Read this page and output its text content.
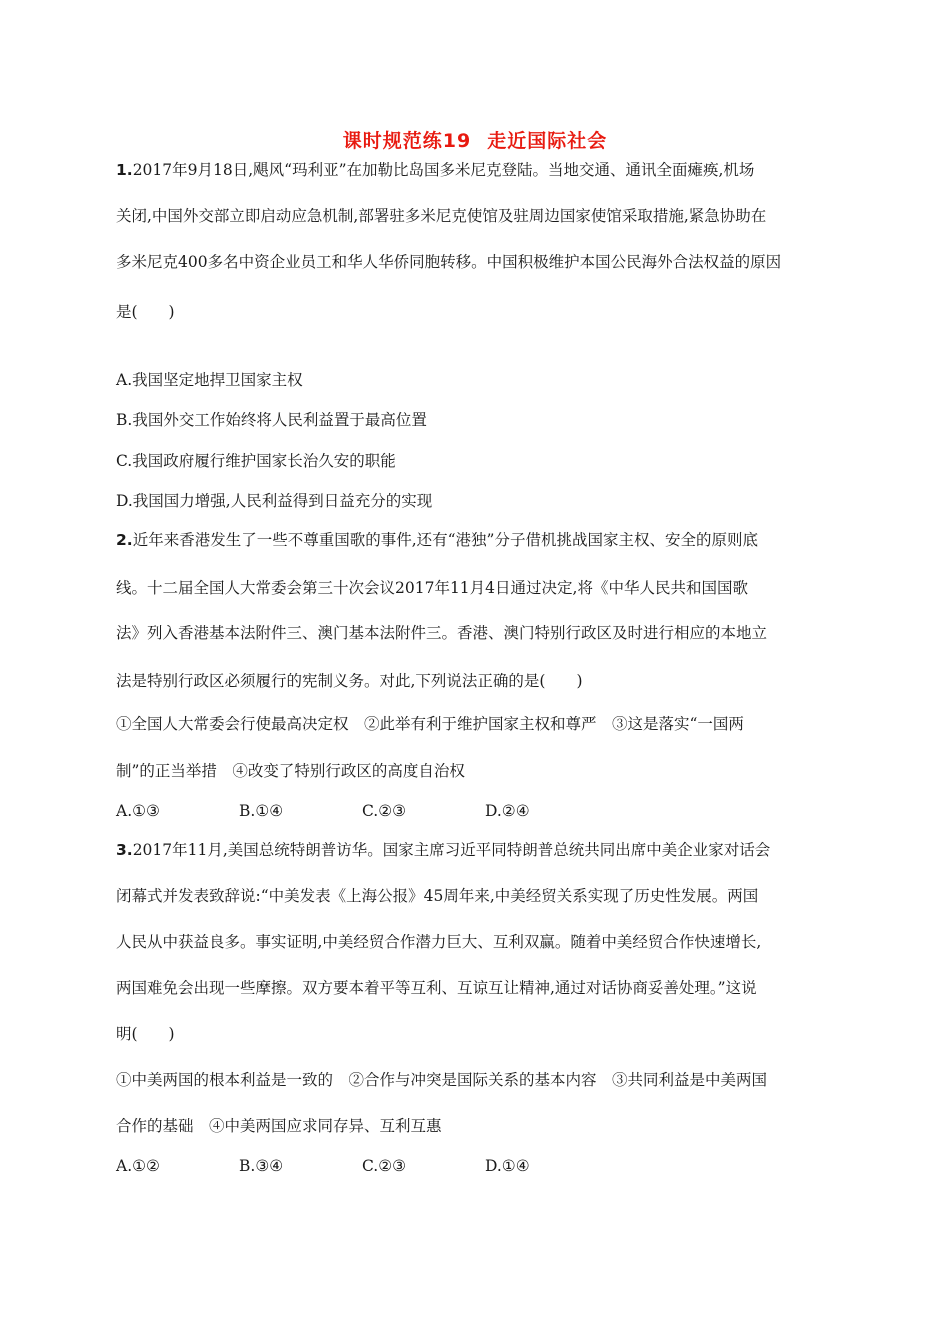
课时规范练19 走近国际社会
1.2017年9月18日,飓风“玛利亚”在加勒比岛国多米尼克登陆。当地交通、通讯全面瘫痪,机场
关闭,中国外交部立即启动应急机制,部署驻多米尼克使馆及驻周边国家使馆采取措施,紧急协助在
多米尼克400多名中资企业员工和华人华侨同胞转移。中国积极维护本国公民海外合法权益的原因
是(　　)
A.我国坚定地捍卫国家主权
B.我国外交工作始终将人民利益置于最高位置
C.我国政府履行维护国家长治久安的职能
D.我国国力增强,人民利益得到日益充分的实现
2.近年来香港发生了一些不尊重国歌的事件,还有“港独”分子借机挑战国家主权、安全的原则底
线。十二届全国人大常委会第三十次会议2017年11月4日通过决定,将《中华人民共和国国歌
法》列入香港基本法附件三、澳门基本法附件三。香港、澳门特别行政区及时进行相应的本地立
法是特别行政区必须履行的宪制义务。对此,下列说法正确的是(　　)
①全国人大常委会行使最高决定权　②此举有利于维护国家主权和尊严　③这是落实“一国两
制”的正当举措　④改变了特别行政区的高度自治权
A.①③	B.①④	C.②③	D.②④
3.2017年11月,美国总统特朗普访华。国家主席习近平同特朗普总统共同出席中美企业家对话会
闭幕式并发表致辞说:“中美发表《上海公报》45周年来,中美经贸关系实现了历史性发展。两国
人民从中获益良多。事实证明,中美经贸合作潜力巨大、互利双赢。随着中美经贸合作快速增长,
两国难免会出现一些摩擦。双方要本着平等互利、互谅互让精神,通过对话协商妥善处理。”这说
明(　　)
①中美两国的根本利益是一致的　②合作与冲突是国际关系的基本内容　③共同利益是中美两国
合作的基础　④中美两国应求同存异、互利互惠
A.①②	B.③④	C.②③	D.①④
